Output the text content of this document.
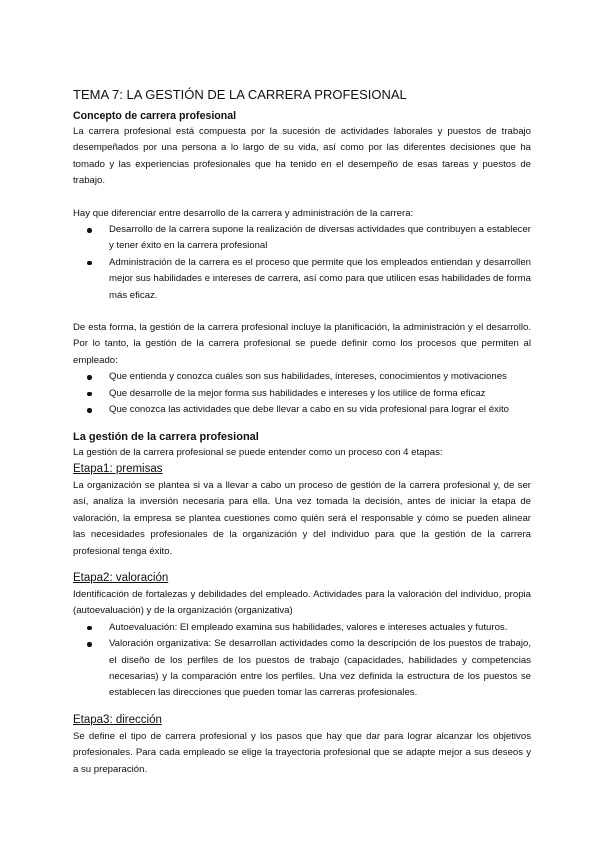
TEMA 7: LA GESTIÓN DE LA CARRERA PROFESIONAL
Concepto de carrera profesional

La carrera profesional está compuesta por la sucesión de actividades laborales y puestos de trabajo desempeñados por una persona a lo largo de su vida, así como por las diferentes decisiones que ha tomado y las experiencias profesionales que ha tenido en el desempeño de esas tareas y puestos de trabajo.

Hay que diferenciar entre desarrollo de la carrera y administración de la carrera:

Desarrollo de la carrera supone la realización de diversas actividades que contribuyen a establecer y tener éxito en la carrera profesional
Administración de la carrera es el proceso que permite que los empleados entiendan y desarrollen mejor sus habilidades e intereses de carrera, así como para que utilicen esas habilidades de forma más eficaz.

De esta forma, la gestión de la carrera profesional incluye la planificación, la administración y el desarrollo. Por lo tanto, la gestión de la carrera profesional se puede definir como los procesos que permiten al empleado:

Que entienda y conozca cuáles son sus habilidades, intereses, conocimientos y motivaciones
Que desarrolle de la mejor forma sus habilidades e intereses y los utilice de forma eficaz
Que conozca las actividades que debe llevar a cabo en su vida profesional para lograr el éxito
La gestión de la carrera profesional

La gestión de la carrera profesional se puede entender como un proceso con 4 etapas:

Etapa1: premisas

La organización se plantea si va a llevar a cabo un proceso de gestión de la carrera profesional y, de ser así, analiza la inversión necesaria para ella. Una vez tomada la decisión, antes de iniciar la etapa de valoración, la empresa se plantea cuestiones como quién será el responsable y cómo se pueden alinear las necesidades profesionales de la organización y del individuo para que la gestión de la carrera profesional tenga éxito.

Etapa2: valoración

Identificación de fortalezas y debilidades del empleado. Actividades para la valoración del individuo, propia (autoevaluación) y de la organización (organizativa)

Autoevaluación: El empleado examina sus habilidades, valores e intereses actuales y futuros.
Valoración organizativa: Se desarrollan actividades como la descripción de los puestos de trabajo, el diseño de los perfiles de los puestos de trabajo (capacidades, habilidades y competencias necesarias) y la comparación entre los perfiles. Una vez definida la estructura de los puestos se establecen las direcciones que pueden tomar las carreras profesionales.
Etapa3: dirección

Se define el tipo de carrera profesional y los pasos que hay que dar para lograr alcanzar los objetivos profesionales. Para cada empleado se elige la trayectoria profesional que se adapte mejor a sus deseos y a su preparación.
